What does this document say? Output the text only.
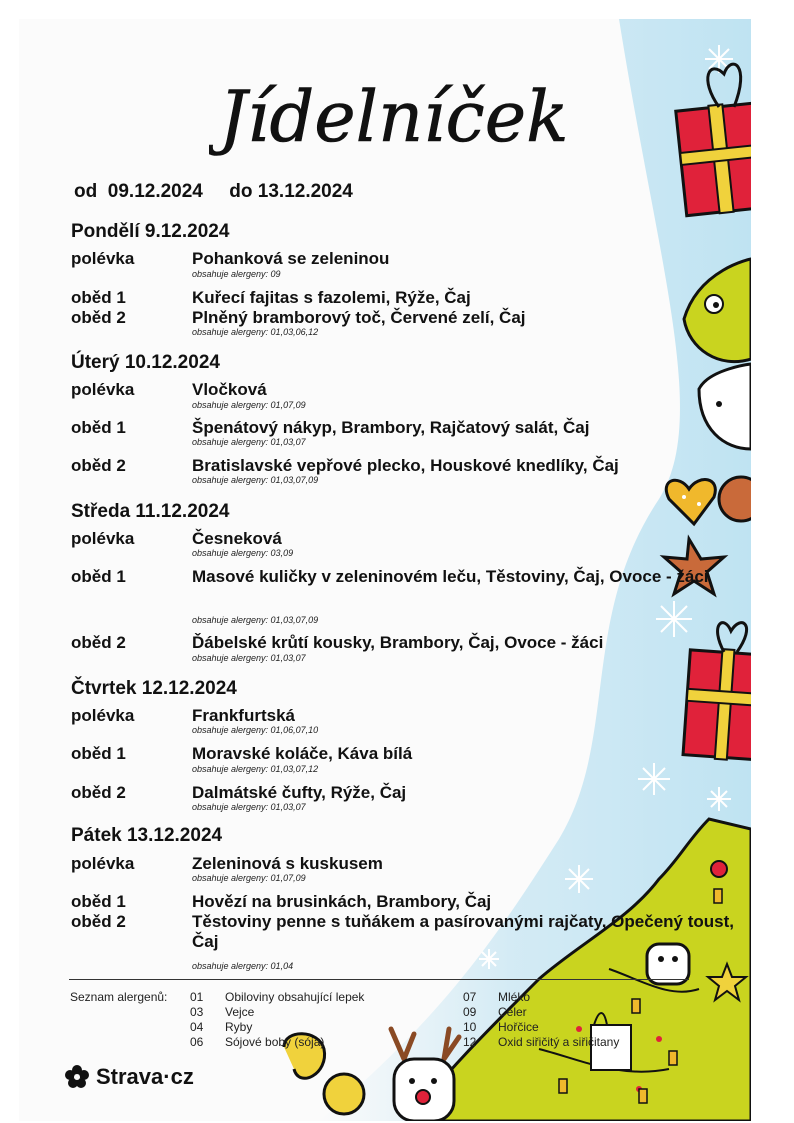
Jídelníček
od 09.12.2024 do 13.12.2024
Pondělí 9.12.2024
polévka	Pohanková se zeleninou
obsahuje alergeny: 09
oběd 1	Kuřecí fajitas s fazolemi, Rýže, Čaj
oběd 2	Plněný bramborový toč, Červené zelí, Čaj
obsahuje alergeny: 01,03,06,12
Úterý 10.12.2024
polévka	Vločková
obsahuje alergeny: 01,07,09
oběd 1	Špenátový nákyp, Brambory, Rajčatový salát, Čaj
obsahuje alergeny: 01,03,07
oběd 2	Bratislavské vepřové plecko, Houskové knedlíky, Čaj
obsahuje alergeny: 01,03,07,09
Středa 11.12.2024
polévka	Česneková
obsahuje alergeny: 03,09
oběd 1	Masové kuličky v zeleninovém leču, Těstoviny, Čaj, Ovoce - žáci
obsahuje alergeny: 01,03,07,09
oběd 2	Ďábelské krůtí kousky, Brambory, Čaj, Ovoce - žáci
obsahuje alergeny: 01,03,07
Čtvrtek 12.12.2024
polévka	Frankfurtská
obsahuje alergeny: 01,06,07,10
oběd 1	Moravské koláče, Káva bílá
obsahuje alergeny: 01,03,07,12
oběd 2	Dalmátské čufty, Rýže, Čaj
obsahuje alergeny: 01,03,07
Pátek 13.12.2024
polévka	Zeleninová s kuskusem
obsahuje alergeny: 01,07,09
oběd 1	Hovězí na brusinkách, Brambory, Čaj
oběd 2	Těstoviny penne s tuňákem a pasírovanými rajčaty, Opečený toust, Čaj
obsahuje alergeny: 01,04
Seznam alergenů: 01 Obiloviny obsahující lepek
03 Vejce
04 Ryby
06 Sójové boby (sója)
07 Mléko
09 Celer
10 Hořčice
12 Oxid siřičitý a siřičitany
Strava·cz
